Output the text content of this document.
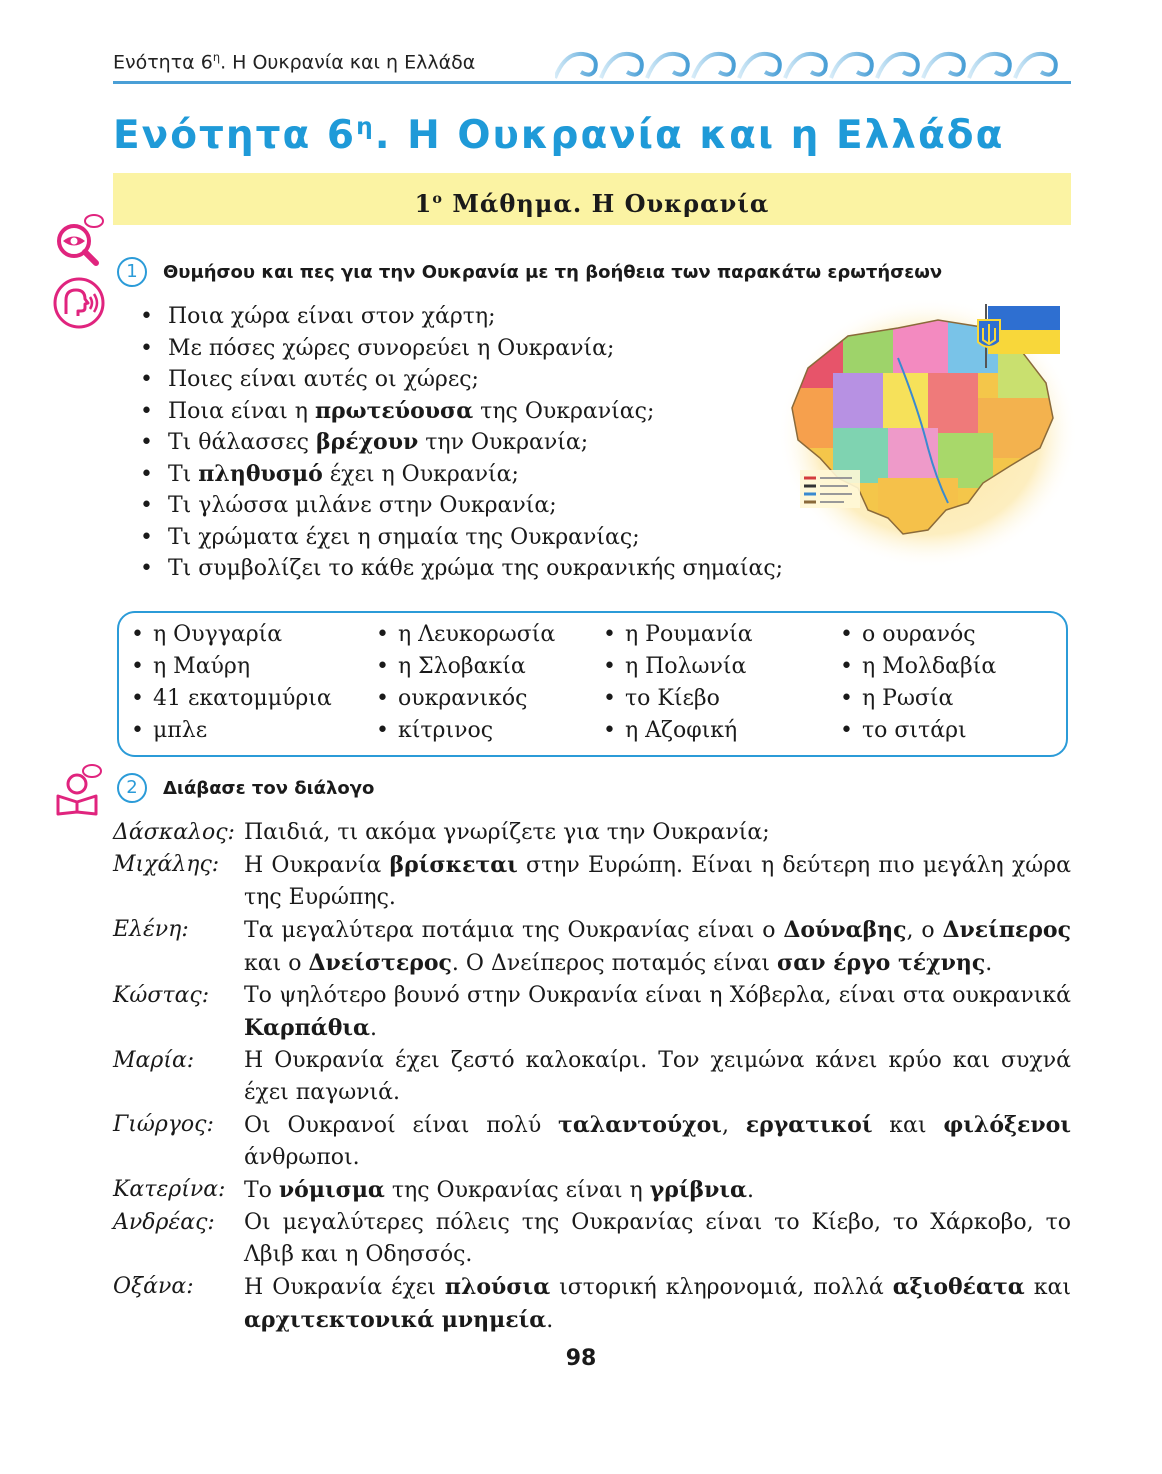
Ενότητα $6^\eta$. Η Ουκρανία και η Ελλάδα
Ενότητα $6^\eta$. Η Ουκρανία και η Ελλάδα
$1^o$ Μάθημα. Η Ουκρανία
1	Θυμήσου και πες για την Ουκρανία με τη βοήθεια των παρακάτω ερωτήσεων
• Ποια χώρα είναι στον χάρτη;
• Με πόσες χώρες συνορεύει η Ουκρανία;
• Ποιες είναι αυτές οι χώρες;
• Ποια είναι η πρωτεύουσα της Ουκρανίας;
• Τι θάλασσες βρέχουν την Ουκρανία;
• Τι πληθυσμό έχει η Ουκρανία;
• Τι γλώσσα μιλάνε στην Ουκρανία;
• Τι χρώματα έχει η σημαία της Ουκρανίας;
• Τι συμβολίζει το κάθε χρώμα της ουκρανικής σημαίας;
• η Ουγγαρία
• η Μαύρη
• 41 εκατομμύρια
• μπλε
• η Λευκορωσία
• η Σλοβακία
• ουκρανικός
• κίτρινος
• η Ρουμανία
• η Πολωνία
• το Κίεβο
• η Αζοφική
• ο ουρανός
• η Μολδαβία
• η Ρωσία
• το σιτάρι
2	Διάβασε τον διάλογο
Δάσκαλος: Παιδιά, τι ακόμα γνωρίζετε για την Ουκρανία;
Μιχάλης:	Η Ουκρανία βρίσκεται στην Ευρώπη. Είναι η δεύτερη πιο μεγάλη χώρα της Ευρώπης.
Ελένη:	Τα μεγαλύτερα ποτάμια της Ουκρανίας είναι ο Δούναβης, ο Δνείπερος και ο Δνείστερος. Ο Δνείπερος ποταμός είναι σαν έργο τέχνης.
Κώστας:	Το ψηλότερο βουνό στην Ουκρανία είναι η Χόβερλα, είναι στα ουκρανικά Καρπάθια.
Μαρία:	Η Ουκρανία έχει ζεστό καλοκαίρι. Τον χειμώνα κάνει κρύο και συχνά έχει παγωνιά.
Γιώργος:	Οι Ουκρανοί είναι πολύ ταλαντούχοι, εργατικοί και φιλόξενοι άνθρωποι.
Κατερίνα: Το νόμισμα της Ουκρανίας είναι η γρίβνια.
Ανδρέας:	Οι μεγαλύτερες πόλεις της Ουκρανίας είναι το Κίεβο, το Χάρκοβο, το Λβιβ και η Οδησσός.
Οξάνα:	Η Ουκρανία έχει πλούσια ιστορική κληρονομιά, πολλά αξιοθέατα και αρχιτεκτονικά μνημεία.
98
